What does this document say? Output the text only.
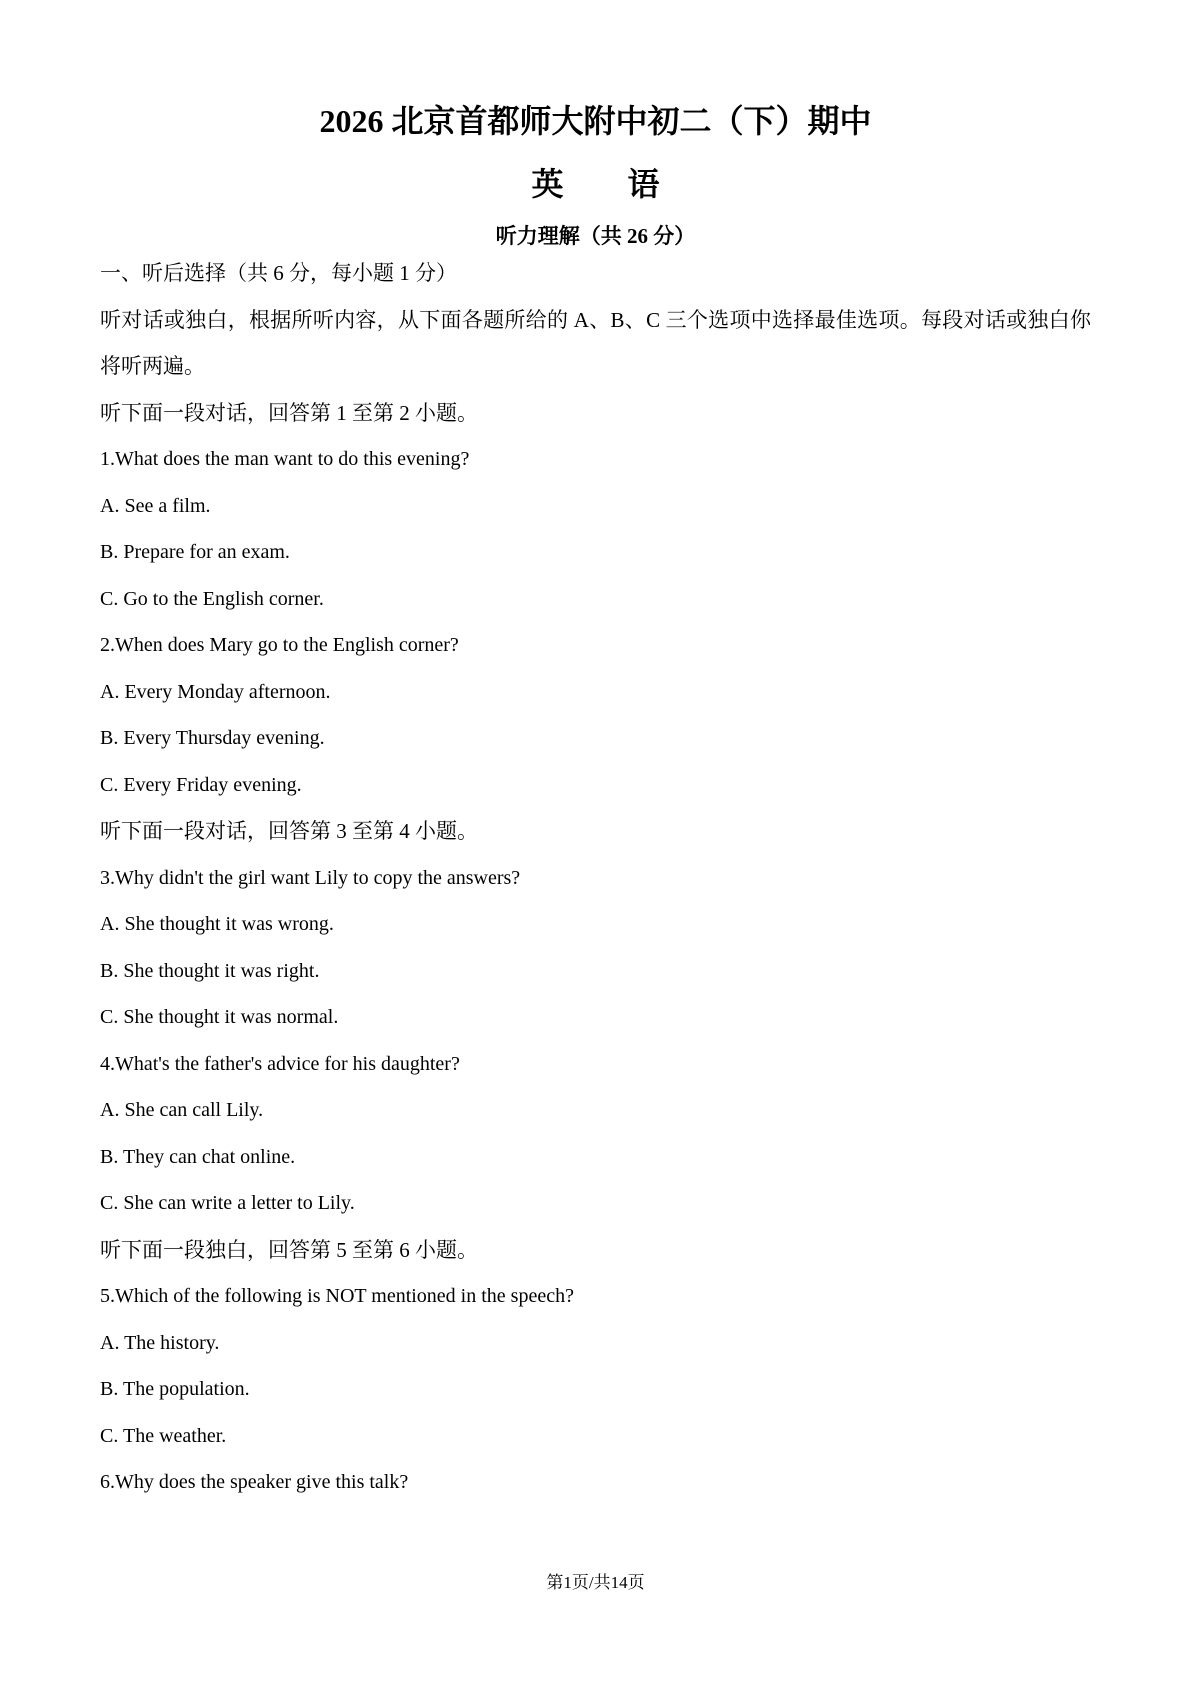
2026 北京首都师大附中初二（下）期中
英　　语
听力理解（共 26 分）
一、听后选择（共 6 分，每小题 1 分）

听对话或独白，根据所听内容，从下面各题所给的 A、B、C 三个选项中选择最佳选项。每段对话或独白你将听两遍。

听下面一段对话，回答第 1 至第 2 小题。
1.What does the man want to do this evening?
A. See a film.
B. Prepare for an exam.
C. Go to the English corner.
2.When does Mary go to the English corner?
A. Every Monday afternoon.
B. Every Thursday evening.
C. Every Friday evening.
听下面一段对话，回答第 3 至第 4 小题。
3.Why didn't the girl want Lily to copy the answers?
A. She thought it was wrong.
B. She thought it was right.
C. She thought it was normal.
4.What's the father's advice for his daughter?
A. She can call Lily.
B. They can chat online.
C. She can write a letter to Lily.
听下面一段独白，回答第 5 至第 6 小题。
5.Which of the following is NOT mentioned in the speech?
A. The history.
B. The population.
C. The weather.
6.Why does the speaker give this talk?
第1页/共14页
